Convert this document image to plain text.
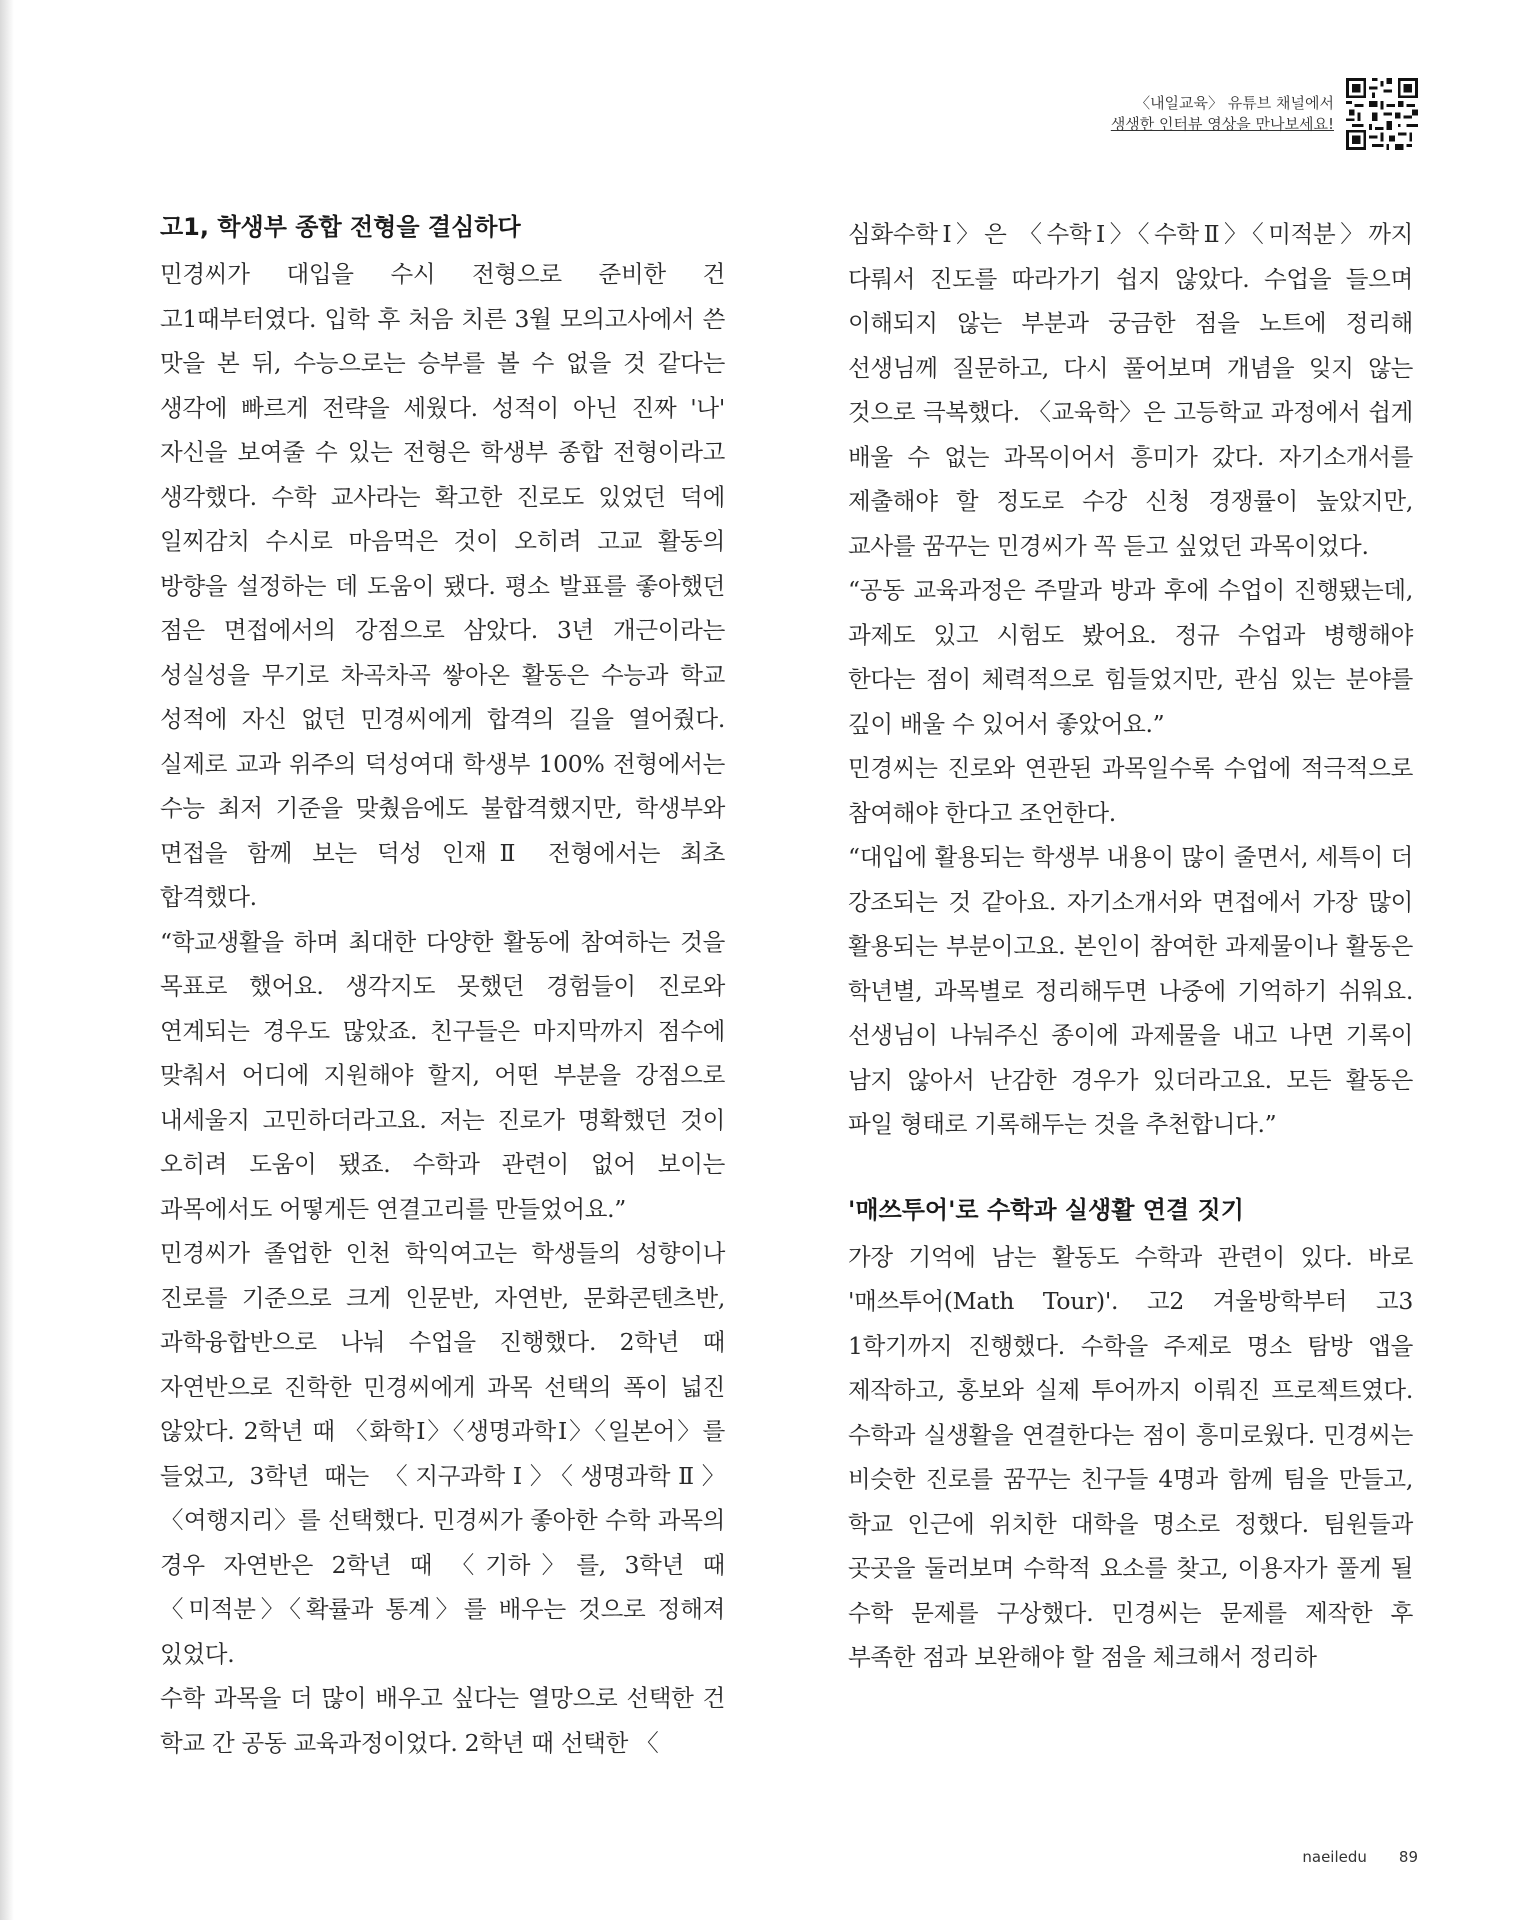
〈내일교육〉 유튜브 채널에서
생생한 인터뷰 영상을 만나보세요!
고1, 학생부 종합 전형을 결심하다

민경씨가 대입을 수시 전형으로 준비한 건 고1때부터였다. 입학 후 처음 치른 3월 모의고사에서 쓴 맛을 본 뒤, 수능으로는 승부를 볼 수 없을 것 같다는 생각에 빠르게 전략을 세웠다. 성적이 아닌 진짜 '나' 자신을 보여줄 수 있는 전형은 학생부 종합 전형이라고 생각했다. 수학 교사라는 확고한 진로도 있었던 덕에 일찌감치 수시로 마음먹은 것이 오히려 고교 활동의 방향을 설정하는 데 도움이 됐다. 평소 발표를 좋아했던 점은 면접에서의 강점으로 삼았다. 3년 개근이라는 성실성을 무기로 차곡차곡 쌓아온 활동은 수능과 학교 성적에 자신 없던 민경씨에게 합격의 길을 열어줬다. 실제로 교과 위주의 덕성여대 학생부 100% 전형에서는 수능 최저 기준을 맞췄음에도 불합격했지만, 학생부와 면접을 함께 보는 덕성 인재Ⅱ 전형에서는 최초 합격했다.

“학교생활을 하며 최대한 다양한 활동에 참여하는 것을 목표로 했어요. 생각지도 못했던 경험들이 진로와 연계되는 경우도 많았죠. 친구들은 마지막까지 점수에 맞춰서 어디에 지원해야 할지, 어떤 부분을 강점으로 내세울지 고민하더라고요. 저는 진로가 명확했던 것이 오히려 도움이 됐죠. 수학과 관련이 없어 보이는 과목에서도 어떻게든 연결고리를 만들었어요.”

민경씨가 졸업한 인천 학익여고는 학생들의 성향이나 진로를 기준으로 크게 인문반, 자연반, 문화콘텐츠반, 과학융합반으로 나눠 수업을 진행했다. 2학년 때 자연반으로 진학한 민경씨에게 과목 선택의 폭이 넓진 않았다. 2학년 때 〈화학Ⅰ〉〈생명과학Ⅰ〉〈일본어〉를 들었고, 3학년 때는 〈지구과학Ⅰ〉〈생명과학Ⅱ〉〈여행지리〉를 선택했다. 민경씨가 좋아한 수학 과목의 경우 자연반은 2학년 때 〈기하〉를, 3학년 때 〈미적분〉〈확률과 통계〉를 배우는 것으로 정해져 있었다.

수학 과목을 더 많이 배우고 싶다는 열망으로 선택한 건 학교 간 공동 교육과정이었다. 2학년 때 선택한 〈

심화수학Ⅰ〉은 〈수학Ⅰ〉〈수학Ⅱ〉〈미적분〉까지 다뤄서 진도를 따라가기 쉽지 않았다. 수업을 들으며 이해되지 않는 부분과 궁금한 점을 노트에 정리해 선생님께 질문하고, 다시 풀어보며 개념을 잊지 않는 것으로 극복했다. 〈교육학〉은 고등학교 과정에서 쉽게 배울 수 없는 과목이어서 흥미가 갔다. 자기소개서를 제출해야 할 정도로 수강 신청 경쟁률이 높았지만, 교사를 꿈꾸는 민경씨가 꼭 듣고 싶었던 과목이었다.

“공동 교육과정은 주말과 방과 후에 수업이 진행됐는데, 과제도 있고 시험도 봤어요. 정규 수업과 병행해야 한다는 점이 체력적으로 힘들었지만, 관심 있는 분야를 깊이 배울 수 있어서 좋았어요.”

민경씨는 진로와 연관된 과목일수록 수업에 적극적으로 참여해야 한다고 조언한다.

“대입에 활용되는 학생부 내용이 많이 줄면서, 세특이 더 강조되는 것 같아요. 자기소개서와 면접에서 가장 많이 활용되는 부분이고요. 본인이 참여한 과제물이나 활동은 학년별, 과목별로 정리해두면 나중에 기억하기 쉬워요. 선생님이 나눠주신 종이에 과제물을 내고 나면 기록이 남지 않아서 난감한 경우가 있더라고요. 모든 활동은 파일 형태로 기록해두는 것을 추천합니다.”

'매쓰투어'로 수학과 실생활 연결 짓기

가장 기억에 남는 활동도 수학과 관련이 있다. 바로 '매쓰투어(Math Tour)'. 고2 겨울방학부터 고3 1학기까지 진행했다. 수학을 주제로 명소 탐방 앱을 제작하고, 홍보와 실제 투어까지 이뤄진 프로젝트였다. 수학과 실생활을 연결한다는 점이 흥미로웠다. 민경씨는 비슷한 진로를 꿈꾸는 친구들 4명과 함께 팀을 만들고, 학교 인근에 위치한 대학을 명소로 정했다. 팀원들과 곳곳을 둘러보며 수학적 요소를 찾고, 이용자가 풀게 될 수학 문제를 구상했다. 민경씨는 문제를 제작한 후 부족한 점과 보완해야 할 점을 체크해서 정리하

naeiledu 89
